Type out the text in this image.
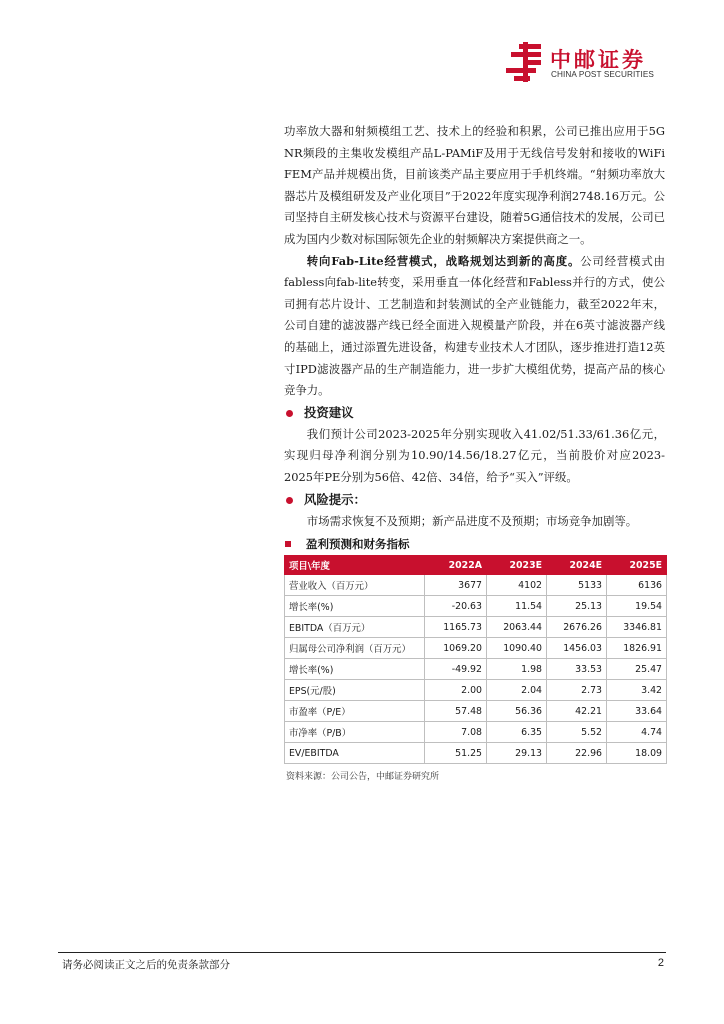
中邮证券
CHINA POST SECURITIES

功率放大器和射频模组工艺、技术上的经验和积累，公司已推出应用于5G NR频段的主集收发模组产品L-PAMiF及用于无线信号发射和接收的WiFi FEM产品并规模出货，目前该类产品主要应用于手机终端。“射频功率放大器芯片及模组研发及产业化项目”于2022年度实现净利润2748.16万元。公司坚持自主研发核心技术与资源平台建设，随着5G通信技术的发展，公司已成为国内少数对标国际领先企业的射频解决方案提供商之一。

转向Fab-Lite经营模式，战略规划达到新的高度。公司经营模式由fabless向fab-lite转变，采用垂直一体化经营和Fabless并行的方式，使公司拥有芯片设计、工艺制造和封装测试的全产业链能力，截至2022年末，公司自建的滤波器产线已经全面进入规模量产阶段，并在6英寸滤波器产线的基础上，通过添置先进设备，构建专业技术人才团队，逐步推进打造12英寸IPD滤波器产品的生产制造能力，进一步扩大模组优势，提高产品的核心竞争力。

投资建议

我们预计公司2023-2025年分别实现收入41.02/51.33/61.36亿元，实现归母净利润分别为10.90/14.56/18.27亿元，当前股价对应2023-2025年PE分别为56倍、42倍、34倍，给予“买入”评级。

风险提示：

市场需求恢复不及预期；新产品进度不及预期；市场竞争加剧等。

盈利预测和财务指标
项目\年度	2022A	2023E	2024E	2025E
营业收入（百万元）	3677	4102	5133	6136
增长率(%)	-20.63	11.54	25.13	19.54
EBITDA（百万元）	1165.73	2063.44	2676.26	3346.81
归属母公司净利润（百万元）	1069.20	1090.40	1456.03	1826.91
增长率(%)	-49.92	1.98	33.53	25.47
EPS(元/股)	2.00	2.04	2.73	3.42
市盈率（P/E）	57.48	56.36	42.21	33.64
市净率（P/B）	7.08	6.35	5.52	4.74
EV/EBITDA	51.25	29.13	22.96	18.09
资料来源：公司公告，中邮证券研究所
请务必阅读正文之后的免责条款部分	2
